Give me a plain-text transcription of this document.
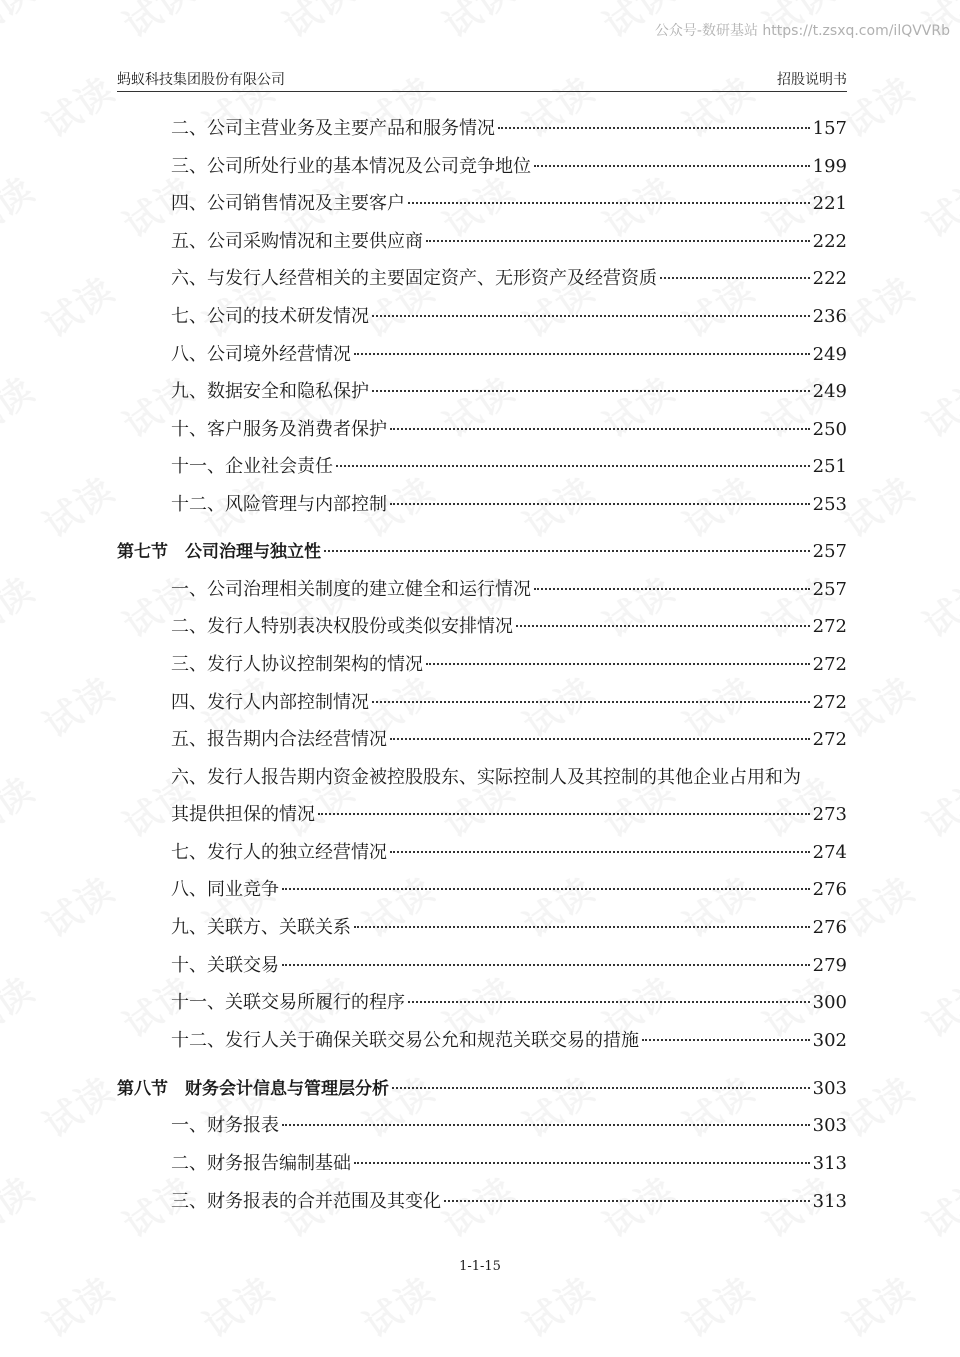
公众号-数研基站 https://t.zsxq.com/ilQVVRb
蚂蚁科技集团股份有限公司	招股说明书
二、公司主营业务及主要产品和服务情况	157
三、公司所处行业的基本情况及公司竞争地位	199
四、公司销售情况及主要客户	221
五、公司采购情况和主要供应商	222
六、与发行人经营相关的主要固定资产、无形资产及经营资质	222
七、公司的技术研发情况	236
八、公司境外经营情况	249
九、数据安全和隐私保护	249
十、客户服务及消费者保护	250
十一、企业社会责任	251
十二、风险管理与内部控制	253
第七节　公司治理与独立性	257
一、公司治理相关制度的建立健全和运行情况	257
二、发行人特别表决权股份或类似安排情况	272
三、发行人协议控制架构的情况	272
四、发行人内部控制情况	272
五、报告期内合法经营情况	272
六、发行人报告期内资金被控股股东、实际控制人及其控制的其他企业占用和为
其提供担保的情况	273
七、发行人的独立经营情况	274
八、同业竞争	276
九、关联方、关联关系	276
十、关联交易	279
十一、关联交易所履行的程序	300
十二、发行人关于确保关联交易公允和规范关联交易的措施	302
第八节　财务会计信息与管理层分析	303
一、财务报表	303
二、财务报告编制基础	313
三、财务报表的合并范围及其变化	313
1-1-15
